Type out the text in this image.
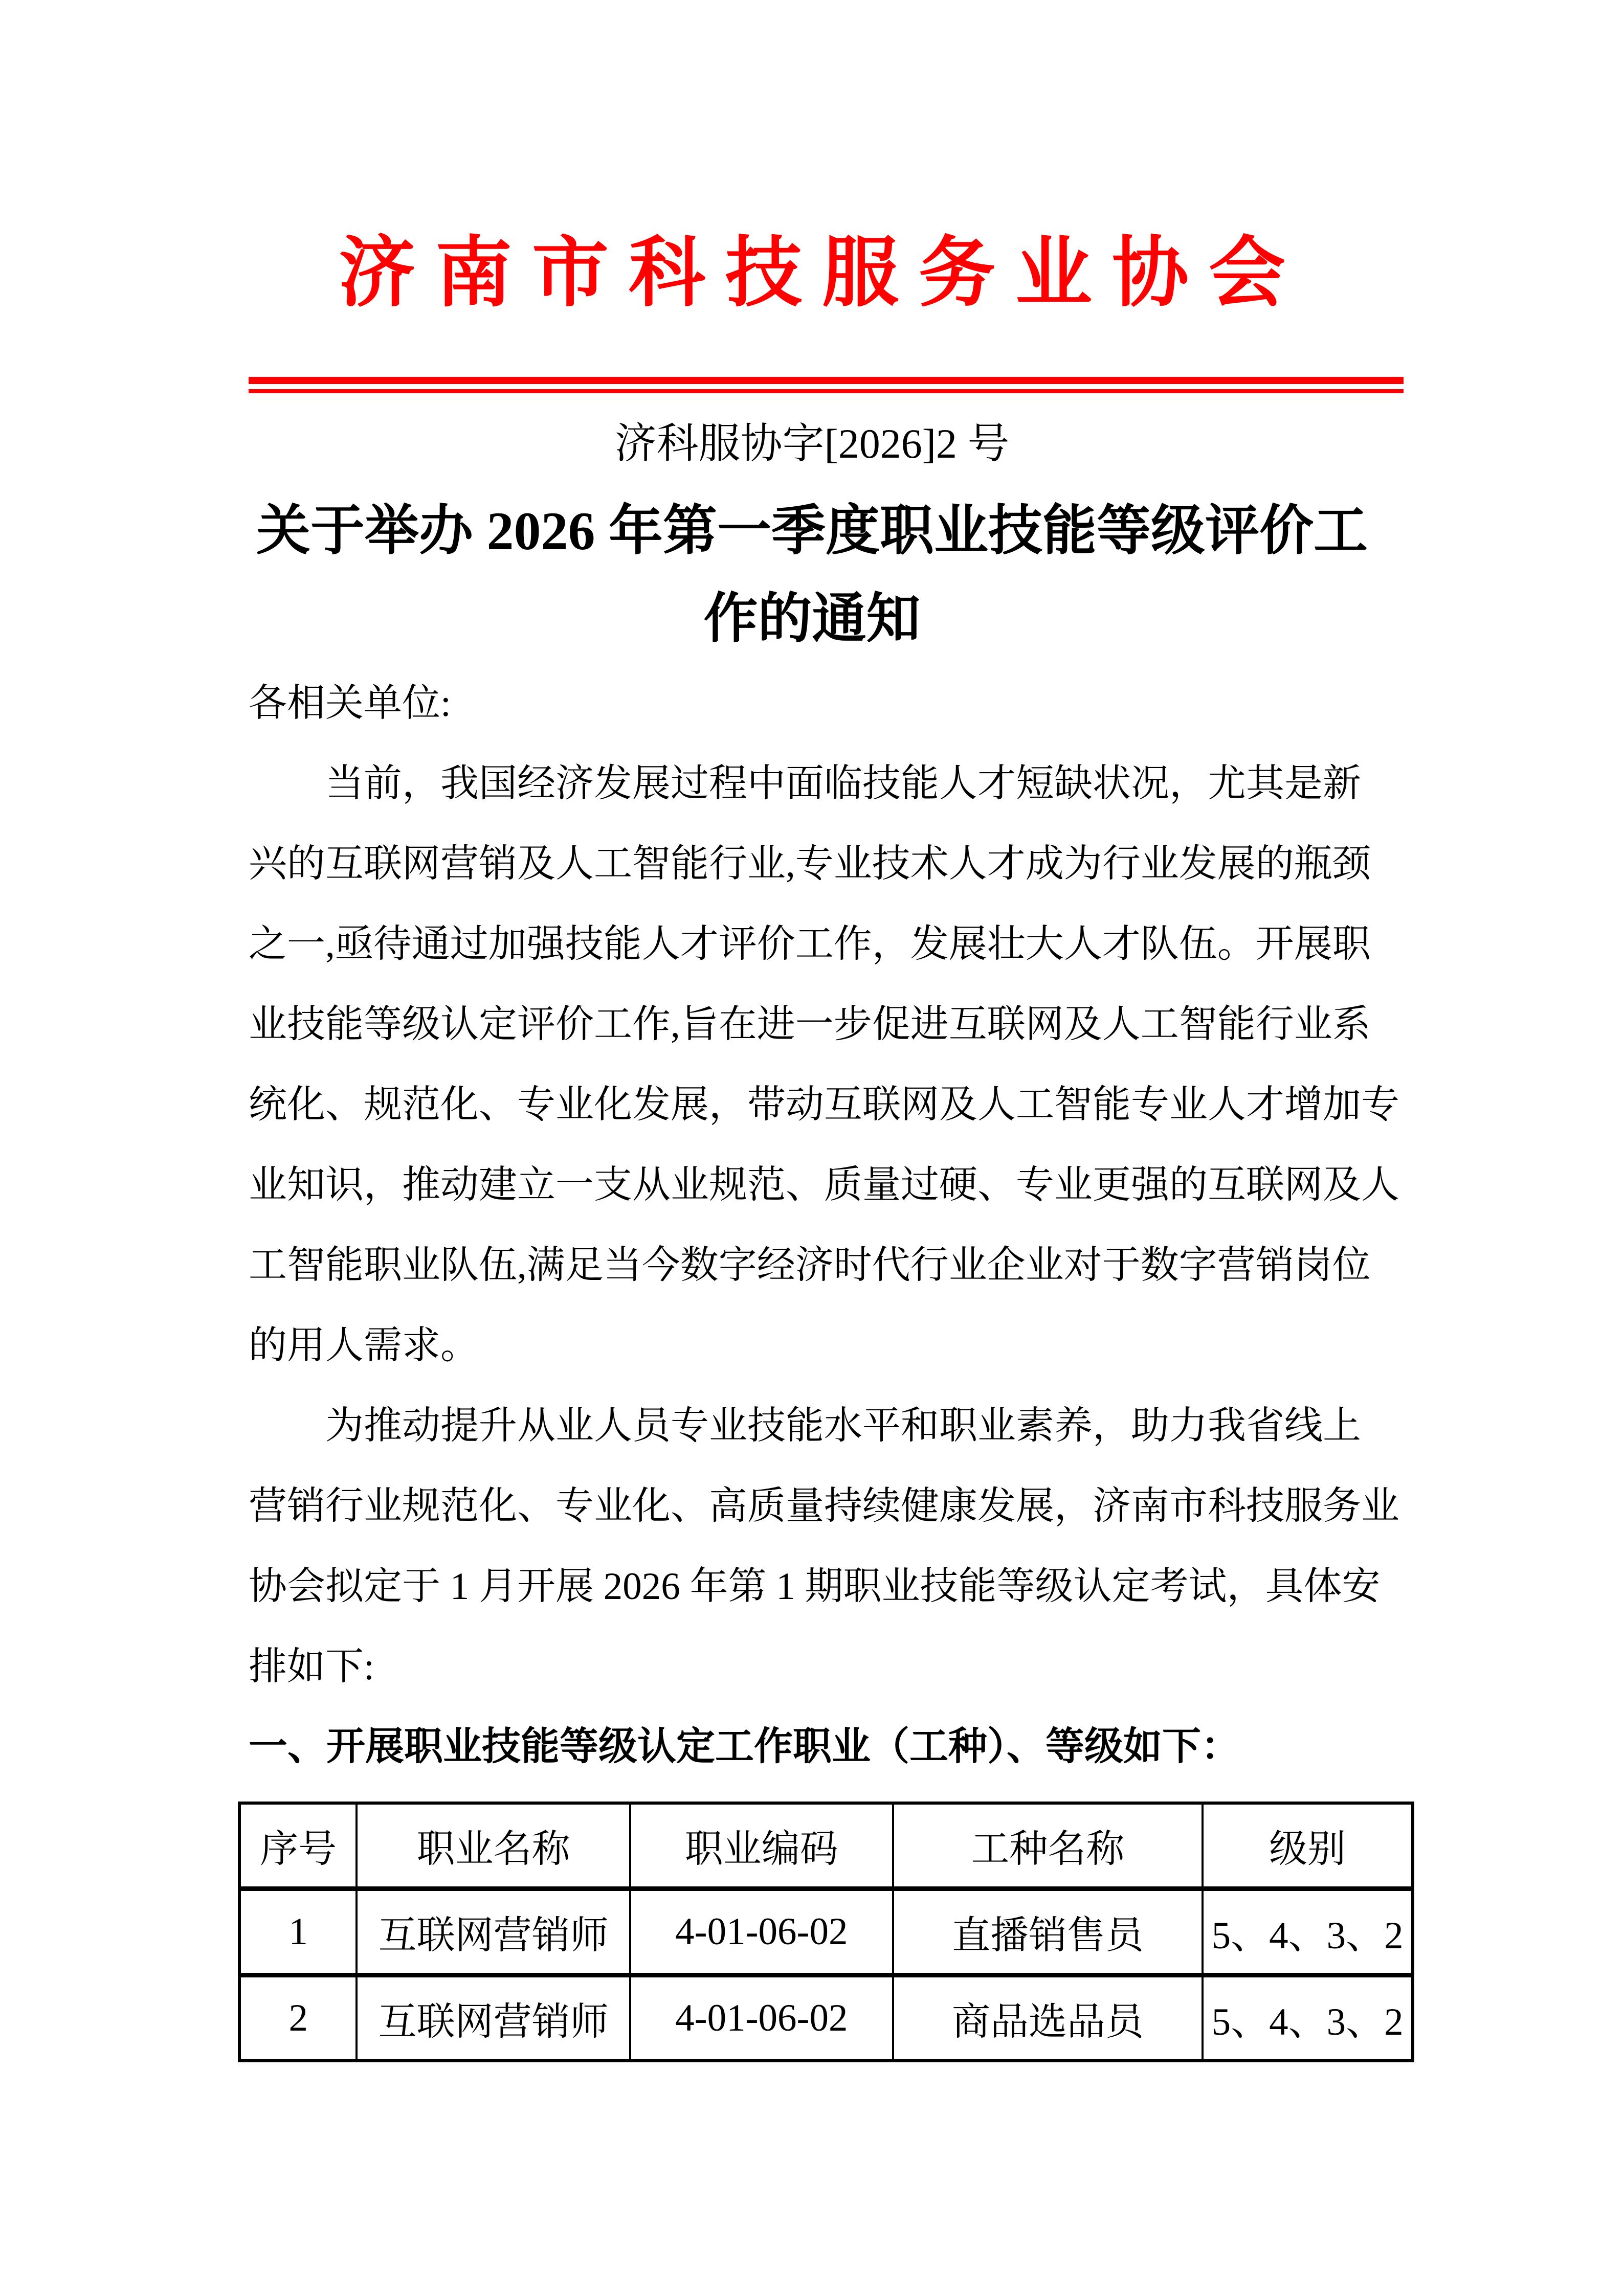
济南市科技服务业协会
济科服协字[2026]2 号
关于举办 2026 年第一季度职业技能等级评价工
作的通知
各相关单位:
当前，我国经济发展过程中面临技能人才短缺状况，尤其是新
兴的互联网营销及人工智能行业,专业技术人才成为行业发展的瓶颈
之一,亟待通过加强技能人才评价工作，发展壮大人才队伍。开展职
业技能等级认定评价工作,旨在进一步促进互联网及人工智能行业系
统化、规范化、专业化发展，带动互联网及人工智能专业人才增加专
业知识，推动建立一支从业规范、质量过硬、专业更强的互联网及人
工智能职业队伍,满足当今数字经济时代行业企业对于数字营销岗位
的用人需求。
为推动提升从业人员专业技能水平和职业素养，助力我省线上
营销行业规范化、专业化、高质量持续健康发展，济南市科技服务业
协会拟定于 1 月开展 2026 年第 1 期职业技能等级认定考试，具体安
排如下:
一、开展职业技能等级认定工作职业（工种）、等级如下：
序号	职业名称	职业编码	工种名称	级别
1	互联网营销师	4-01-06-02	直播销售员	5、4、3、2
2	互联网营销师	4-01-06-02	商品选品员	5、4、3、2
